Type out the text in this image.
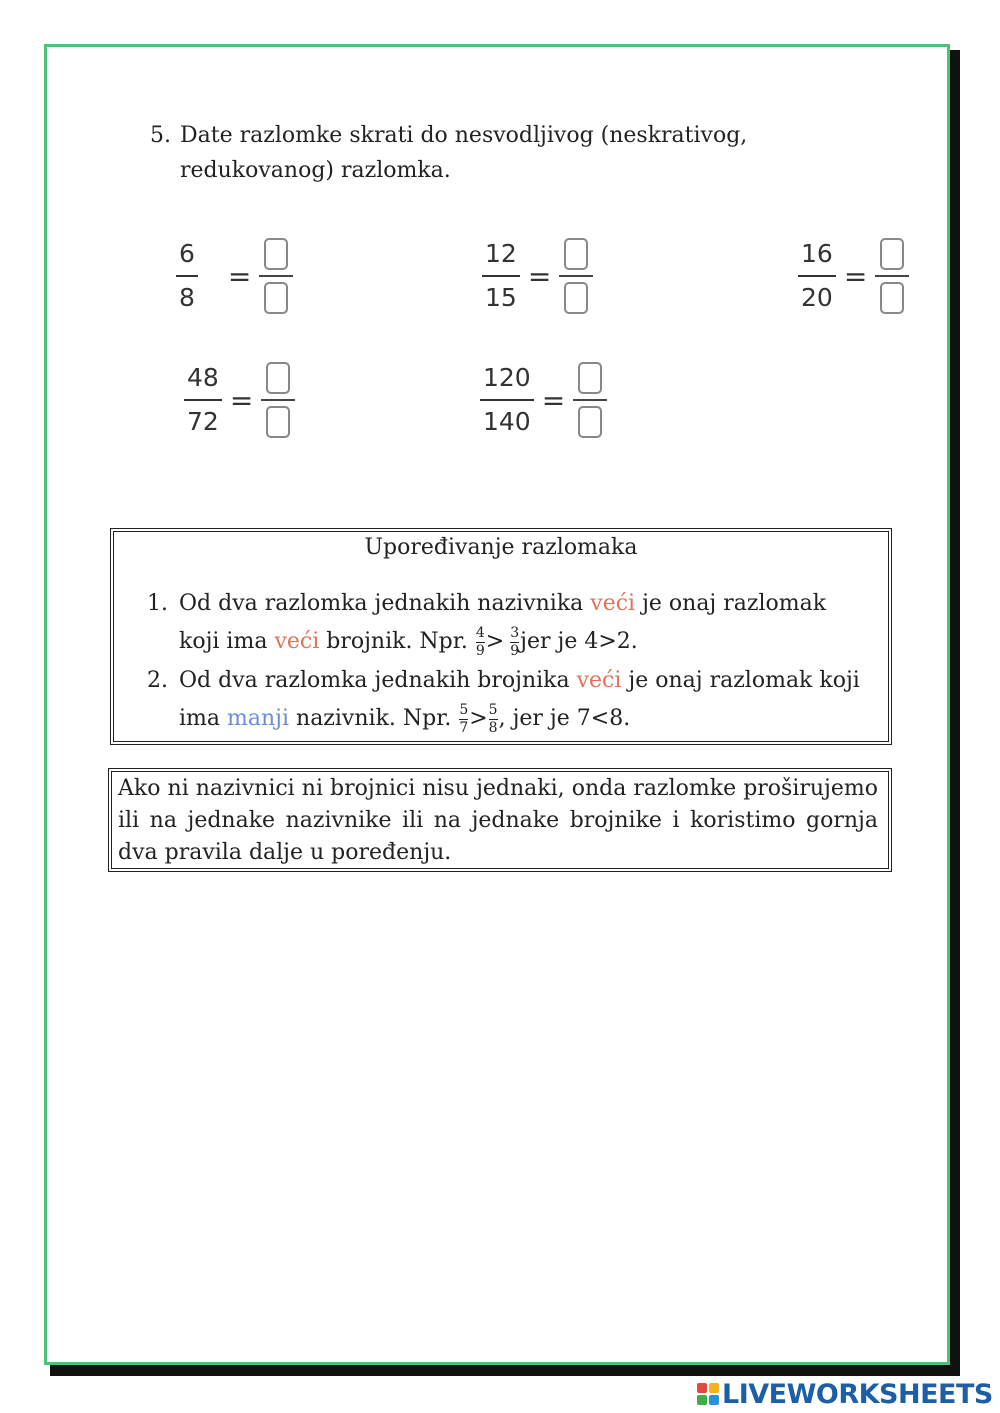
5. Date razlomke skrati do nesvodljivog (neskrativog,
redukovanog) razlomka.
$\frac{6}{8}$ =	$\frac{12}{15}$ =	$\frac{16}{20}$ =
$\frac{48}{72}$ =	$\frac{120}{140}$ =
Upoređivanje razlomaka
1. Od dva razlomka jednakih nazivnika veći je onaj razlomak
koji ima veći brojnik. Npr. $\frac{4}{9} > \frac{3}{9}$ jer je 4>2.
2. Od dva razlomka jednakih brojnika veći je onaj razlomak koji
ima manji nazivnik. Npr. $\frac{5}{7} > \frac{5}{8}$ , jer je 7<8.
Ako ni nazivnici ni brojnici nisu jednaki, onda razlomke proširujemo ili na jednake nazivnike ili na jednake brojnike i koristimo gornja dva pravila dalje u poređenju.
LIVEWORKSHEETS
